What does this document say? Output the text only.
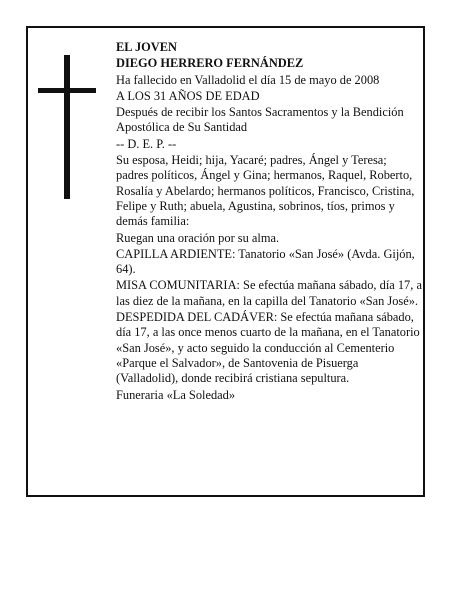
EL JOVEN

DIEGO HERRERO FERNÁNDEZ

Ha fallecido en Valladolid el día 15 de mayo de 2008

A LOS 31 AÑOS DE EDAD

Después de recibir los Santos Sacramentos y la Bendición Apostólica de Su Santidad

-- D. E. P. --

Su esposa, Heidi; hija, Yacaré; padres, Ángel y Teresa; padres políticos, Ángel y Gina; hermanos, Raquel, Roberto, Rosalía y Abelardo; hermanos políticos, Francisco, Cristina, Felipe y Ruth; abuela, Agustina, sobrinos, tíos, primos y demás familia:

Ruegan una oración por su alma.

CAPILLA ARDIENTE: Tanatorio «San José» (Avda. Gijón, 64).

MISA COMUNITARIA: Se efectúa mañana sábado, día 17, a las diez de la mañana, en la capilla del Tanatorio «San José».

DESPEDIDA DEL CADÁVER: Se efectúa mañana sábado, día 17, a las once menos cuarto de la mañana, en el Tanatorio «San José», y acto seguido la conducción al Cementerio «Parque el Salvador», de Santovenia de Pisuerga (Valladolid), donde recibirá cristiana sepultura.

Funeraria «La Soledad»
